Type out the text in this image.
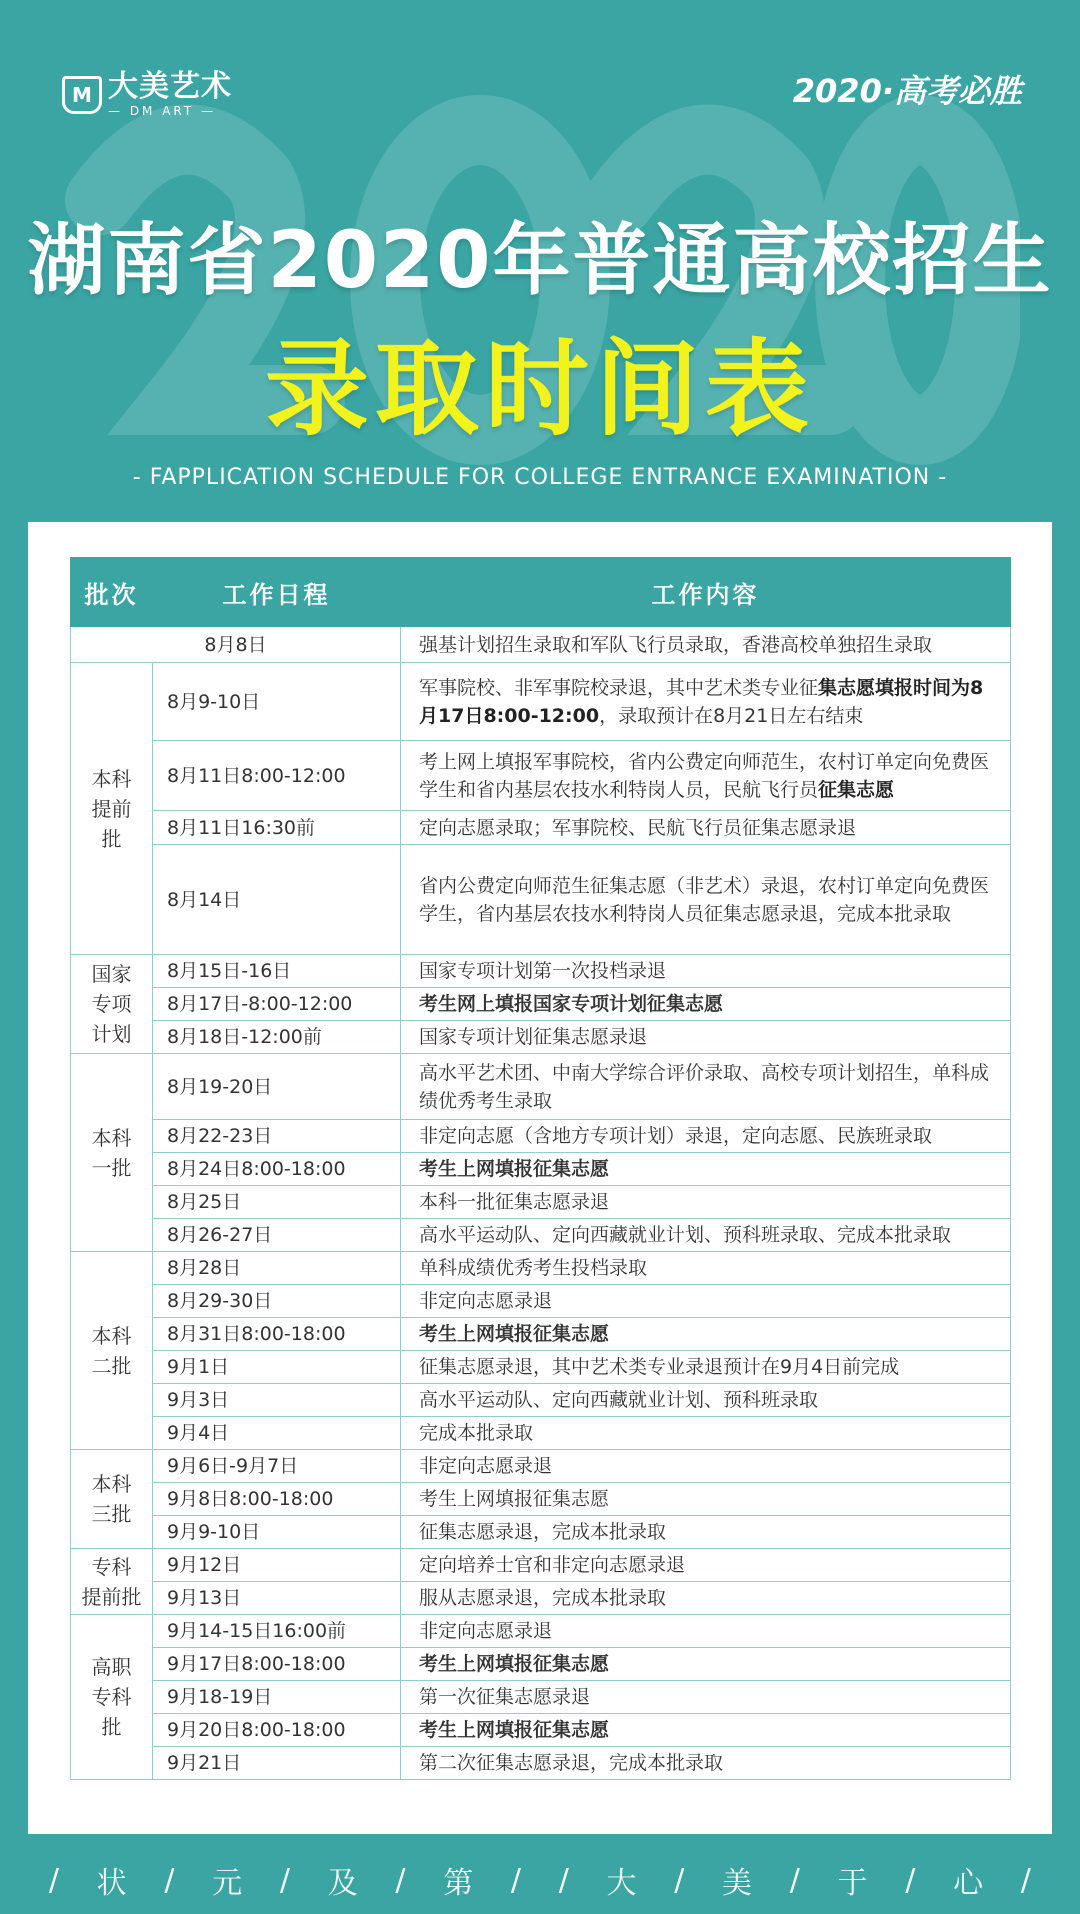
M 大美艺术
— DM ART —
2020·高考必胜
湖南省2020年普通高校招生
录取时间表
- FAPPLICATION SCHEDULE FOR COLLEGE ENTRANCE EXAMINATION -
批次	工作日程	工作内容
8月8日		强基计划招生录取和军队飞行员录取，香港高校单独招生录取
本科
提前
批	8月9-10日	军事院校、非军事院校录退，其中艺术类专业征集志愿填报时间为8月17日8:00-12:00，录取预计在8月21日左右结束
	8月11日8:00-12:00	考上网上填报军事院校，省内公费定向师范生，农村订单定向免费医学生和省内基层农技水利特岗人员，民航飞行员征集志愿
	8月11日16:30前	定向志愿录取；军事院校、民航飞行员征集志愿录退
	8月14日	省内公费定向师范生征集志愿（非艺术）录退，农村订单定向免费医学生，省内基层农技水利特岗人员征集志愿录退，完成本批录取
国家
专项
计划	8月15日-16日	国家专项计划第一次投档录退
	8月17日-8:00-12:00	考生网上填报国家专项计划征集志愿
	8月18日-12:00前	国家专项计划征集志愿录退
本科
一批	8月19-20日	高水平艺术团、中南大学综合评价录取、高校专项计划招生，单科成绩优秀考生录取
	8月22-23日	非定向志愿（含地方专项计划）录退，定向志愿、民族班录取
	8月24日8:00-18:00	考生上网填报征集志愿
	8月25日	本科一批征集志愿录退
	8月26-27日	高水平运动队、定向西藏就业计划、预科班录取、完成本批录取
本科
二批	8月28日	单科成绩优秀考生投档录取
	8月29-30日	非定向志愿录退
	8月31日8:00-18:00	考生上网填报征集志愿
	9月1日	征集志愿录退，其中艺术类专业录退预计在9月4日前完成
	9月3日	高水平运动队、定向西藏就业计划、预科班录取
	9月4日	完成本批录取
本科
三批	9月6日-9月7日	非定向志愿录退
	9月8日8:00-18:00	考生上网填报征集志愿
	9月9-10日	征集志愿录退，完成本批录取
专科
提前批	9月12日	定向培养士官和非定向志愿录退
	9月13日	服从志愿录退，完成本批录取
高职
专科
批	9月14-15日16:00前	非定向志愿录退
	9月17日8:00-18:00	考生上网填报征集志愿
	9月18-19日	第一次征集志愿录退
	9月20日8:00-18:00	考生上网填报征集志愿
	9月21日	第二次征集志愿录退，完成本批录取
/ 状 / 元 / 及 / 第 / / 大 / 美 / 于 / 心 /
